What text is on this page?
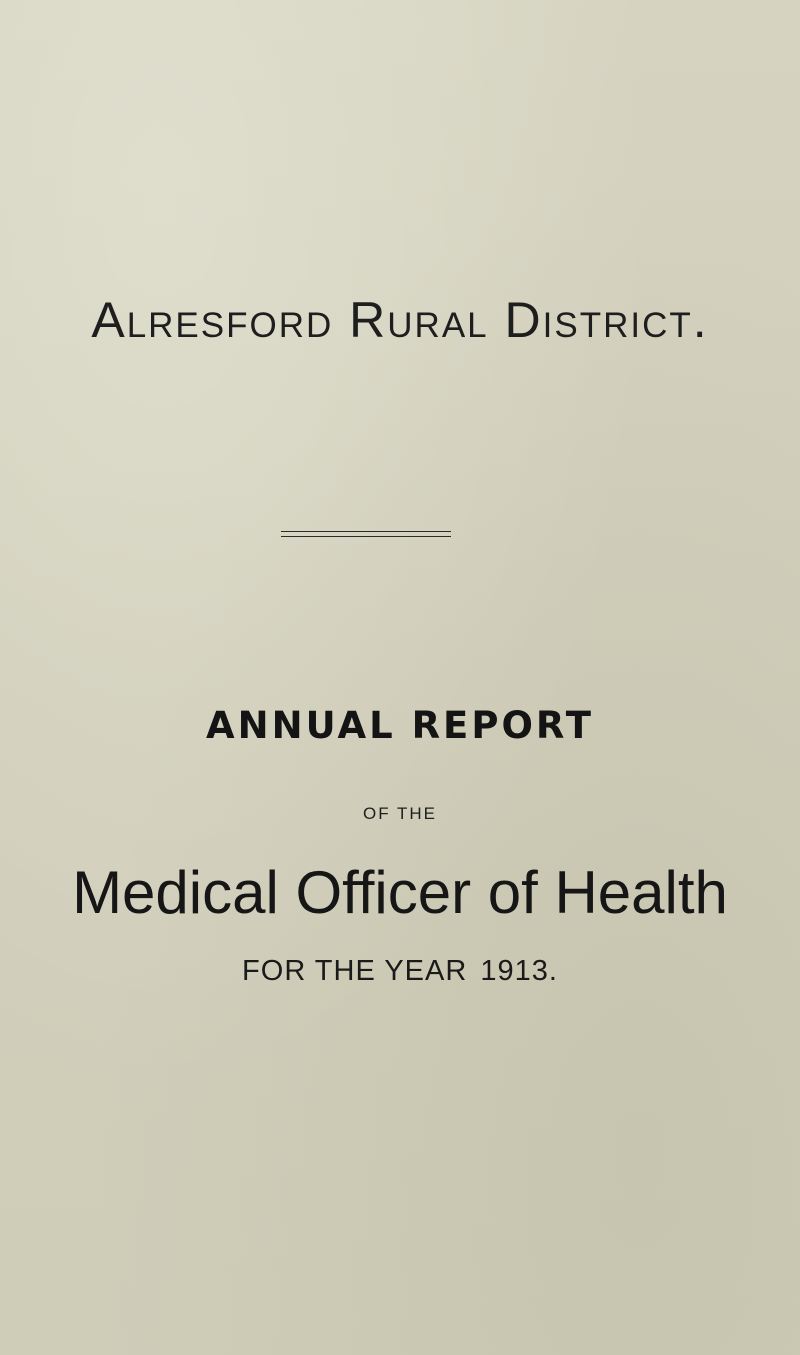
Alresford Rural District.
ANNUAL REPORT
OF THE
Medical Officer of Health
FOR THE YEAR 1913.
